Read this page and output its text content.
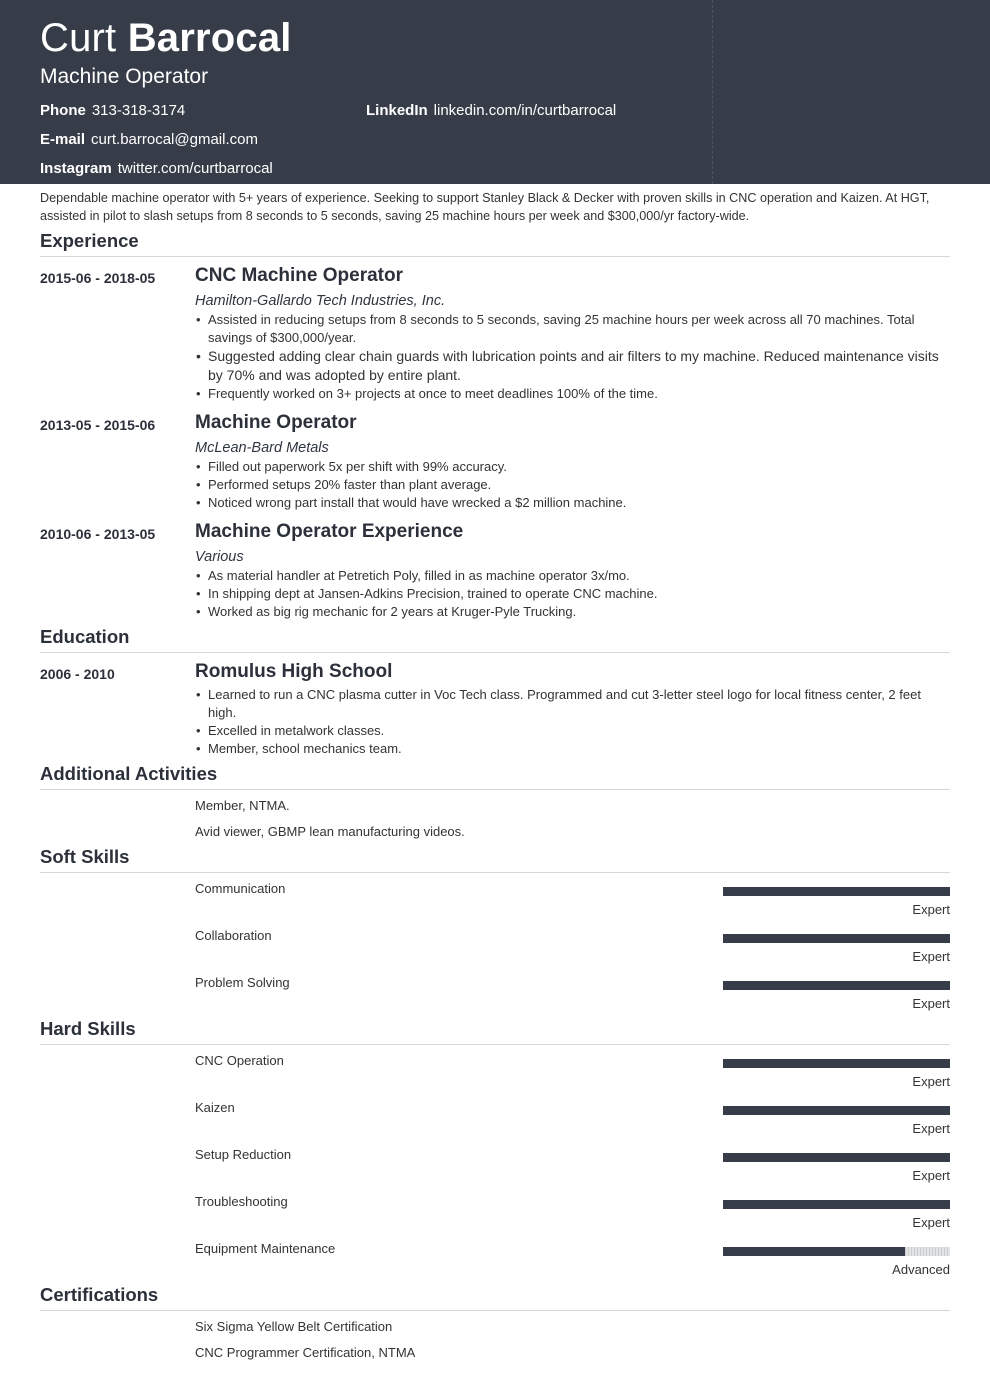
Curt Barrocal
Machine Operator
Phone 313-318-3174	LinkedIn linkedin.com/in/curtbarrocal
E-mail curt.barrocal@gmail.com
Instagram twitter.com/curtbarrocal
Dependable machine operator with 5+ years of experience. Seeking to support Stanley Black & Decker with proven skills in CNC operation and Kaizen. At HGT, assisted in pilot to slash setups from 8 seconds to 5 seconds, saving 25 machine hours per week and $300,000/yr factory-wide.
Experience
2015-06 - 2018-05 CNC Machine Operator
Hamilton-Gallardo Tech Industries, Inc.
• Assisted in reducing setups from 8 seconds to 5 seconds, saving 25 machine hours per week across all 70 machines. Total savings of $300,000/year.
• Suggested adding clear chain guards with lubrication points and air filters to my machine. Reduced maintenance visits by 70% and was adopted by entire plant.
• Frequently worked on 3+ projects at once to meet deadlines 100% of the time.
2013-05 - 2015-06 Machine Operator
McLean-Bard Metals
• Filled out paperwork 5x per shift with 99% accuracy.
• Performed setups 20% faster than plant average.
• Noticed wrong part install that would have wrecked a $2 million machine.
2010-06 - 2013-05 Machine Operator Experience
Various
• As material handler at Petretich Poly, filled in as machine operator 3x/mo.
• In shipping dept at Jansen-Adkins Precision, trained to operate CNC machine.
• Worked as big rig mechanic for 2 years at Kruger-Pyle Trucking.
Education
2006 - 2010	Romulus High School
• Learned to run a CNC plasma cutter in Voc Tech class. Programmed and cut 3-letter steel logo for local fitness center, 2 feet high.
• Excelled in metalwork classes.
• Member, school mechanics team.
Additional Activities
Member, NTMA.
Avid viewer, GBMP lean manufacturing videos.
Soft Skills
Communication
Expert
Collaboration
Expert
Problem Solving
Expert
Hard Skills
CNC Operation
Expert
Kaizen
Expert
Setup Reduction
Expert
Troubleshooting
Expert
Equipment Maintenance
Advanced
Certifications
Six Sigma Yellow Belt Certification
CNC Programmer Certification, NTMA
